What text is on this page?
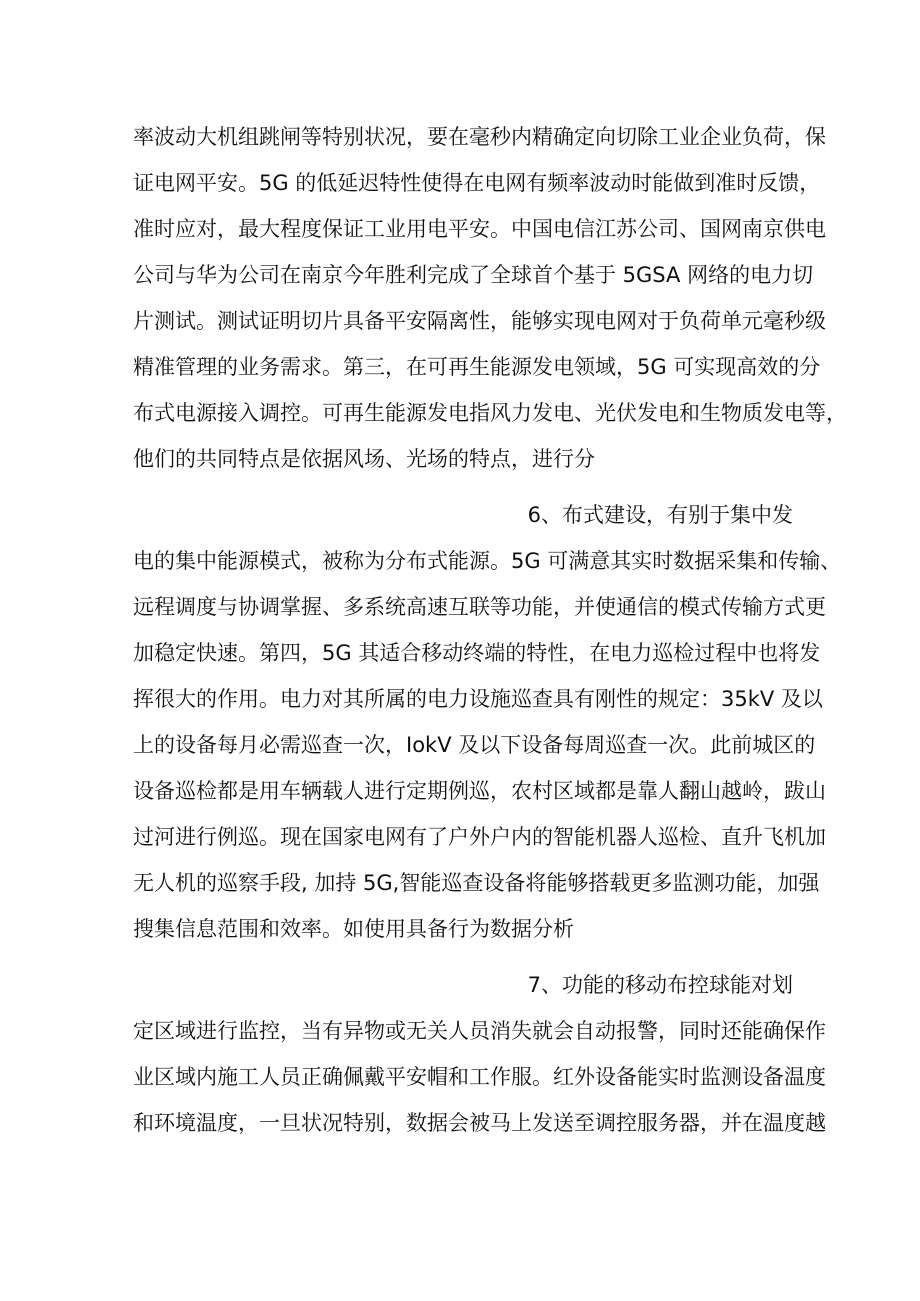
率波动大机组跳闸等特别状况，要在毫秒内精确定向切除工业企业负荷，保
证电网平安。5G 的低延迟特性使得在电网有频率波动时能做到准时反馈，
准时应对，最大程度保证工业用电平安。中国电信江苏公司、国网南京供电
公司与华为公司在南京今年胜利完成了全球首个基于 5GSA 网络的电力切
片测试。测试证明切片具备平安隔离性，能够实现电网对于负荷单元毫秒级
精准管理的业务需求。第三，在可再生能源发电领域，5G 可实现高效的分
布式电源接入调控。可再生能源发电指风力发电、光伏发电和生物质发电等，
他们的共同特点是依据风场、光场的特点，进行分
6、布式建设，有别于集中发
电的集中能源模式，被称为分布式能源。5G 可满意其实时数据采集和传输、
远程调度与协调掌握、多系统高速互联等功能，并使通信的模式传输方式更
加稳定快速。第四，5G 其适合移动终端的特性，在电力巡检过程中也将发
挥很大的作用。电力对其所属的电力设施巡查具有刚性的规定：35kV 及以
上的设备每月必需巡查一次，IokV 及以下设备每周巡查一次。此前城区的
设备巡检都是用车辆载人进行定期例巡，农村区域都是靠人翻山越岭，跋山
过河进行例巡。现在国家电网有了户外户内的智能机器人巡检、直升飞机加
无人机的巡察手段, 加持 5G,智能巡查设备将能够搭载更多监测功能，加强
搜集信息范围和效率。如使用具备行为数据分析
7、功能的移动布控球能对划
定区域进行监控，当有异物或无关人员消失就会自动报警，同时还能确保作
业区域内施工人员正确佩戴平安帽和工作服。红外设备能实时监测设备温度
和环境温度，一旦状况特别，数据会被马上发送至调控服务器，并在温度越
